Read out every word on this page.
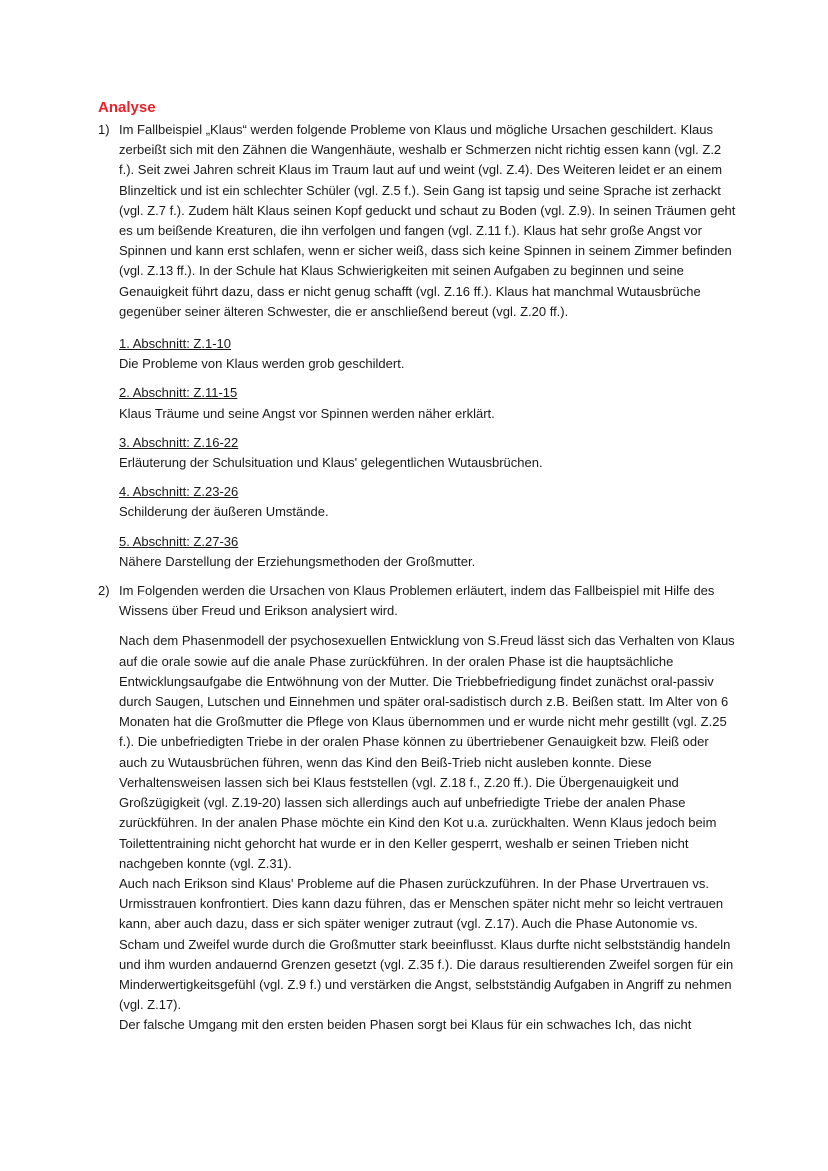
Analyse
1) Im Fallbeispiel „Klaus“ werden folgende Probleme von Klaus und mögliche Ursachen geschildert. Klaus zerbeißt sich mit den Zähnen die Wangenhäute, weshalb er Schmerzen nicht richtig essen kann (vgl. Z.2 f.). Seit zwei Jahren schreit Klaus im Traum laut auf und weint (vgl. Z.4). Des Weiteren leidet er an einem Blinzeltick und ist ein schlechter Schüler (vgl. Z.5 f.). Sein Gang ist tapsig und seine Sprache ist zerhackt (vgl. Z.7 f.). Zudem hält Klaus seinen Kopf geduckt und schaut zu Boden (vgl. Z.9). In seinen Träumen geht es um beißende Kreaturen, die ihn verfolgen und fangen (vgl. Z.11 f.). Klaus hat sehr große Angst vor Spinnen und kann erst schlafen, wenn er sicher weiß, dass sich keine Spinnen in seinem Zimmer befinden (vgl. Z.13 ff.). In der Schule hat Klaus Schwierigkeiten mit seinen Aufgaben zu beginnen und seine Genauigkeit führt dazu, dass er nicht genug schafft (vgl. Z.16 ff.). Klaus hat manchmal Wutausbrüche gegenüber seiner älteren Schwester, die er anschließend bereut (vgl. Z.20 ff.).

1. Abschnitt: Z.1-10

Die Probleme von Klaus werden grob geschildert.

2. Abschnitt: Z.11-15

Klaus Träume und seine Angst vor Spinnen werden näher erklärt.

3. Abschnitt: Z.16-22

Erläuterung der Schulsituation und Klaus' gelegentlichen Wutausbrüchen.

4. Abschnitt: Z.23-26

Schilderung der äußeren Umstände.

5. Abschnitt: Z.27-36

Nähere Darstellung der Erziehungsmethoden der Großmutter.

2) Im Folgenden werden die Ursachen von Klaus Problemen erläutert, indem das Fallbeispiel mit Hilfe des Wissens über Freud und Erikson analysiert wird.

Nach dem Phasenmodell der psychosexuellen Entwicklung von S.Freud lässt sich das Verhalten von Klaus auf die orale sowie auf die anale Phase zurückführen. In der oralen Phase ist die hauptsächliche Entwicklungsaufgabe die Entwöhnung von der Mutter. Die Triebbefriedigung findet zunächst oral-passiv durch Saugen, Lutschen und Einnehmen und später oral-sadistisch durch z.B. Beißen statt. Im Alter von 6 Monaten hat die Großmutter die Pflege von Klaus übernommen und er wurde nicht mehr gestillt (vgl. Z.25 f.). Die unbefriedigten Triebe in der oralen Phase können zu übertriebener Genauigkeit bzw. Fleiß oder auch zu Wutausbrüchen führen, wenn das Kind den Beiß-Trieb nicht ausleben konnte. Diese Verhaltensweisen lassen sich bei Klaus feststellen (vgl. Z.18 f., Z.20 ff.). Die Übergenauigkeit und Großzügigkeit (vgl. Z.19-20) lassen sich allerdings auch auf unbefriedigte Triebe der analen Phase zurückführen. In der analen Phase möchte ein Kind den Kot u.a. zurückhalten. Wenn Klaus jedoch beim Toilettentraining nicht gehorcht hat wurde er in den Keller gesperrt, weshalb er seinen Trieben nicht nachgeben konnte (vgl. Z.31).

Auch nach Erikson sind Klaus' Probleme auf die Phasen zurückzuführen. In der Phase Urvertrauen vs. Urmisstrauen konfrontiert. Dies kann dazu führen, das er Menschen später nicht mehr so leicht vertrauen kann, aber auch dazu, dass er sich später weniger zutraut (vgl. Z.17). Auch die Phase Autonomie vs. Scham und Zweifel wurde durch die Großmutter stark beeinflusst. Klaus durfte nicht selbstständig handeln und ihm wurden andauernd Grenzen gesetzt (vgl. Z.35 f.). Die daraus resultierenden Zweifel sorgen für ein Minderwertigkeitsgefühl (vgl. Z.9 f.) und verstärken die Angst, selbstständig Aufgaben in Angriff zu nehmen (vgl. Z.17).

Der falsche Umgang mit den ersten beiden Phasen sorgt bei Klaus für ein schwaches Ich, das nicht
